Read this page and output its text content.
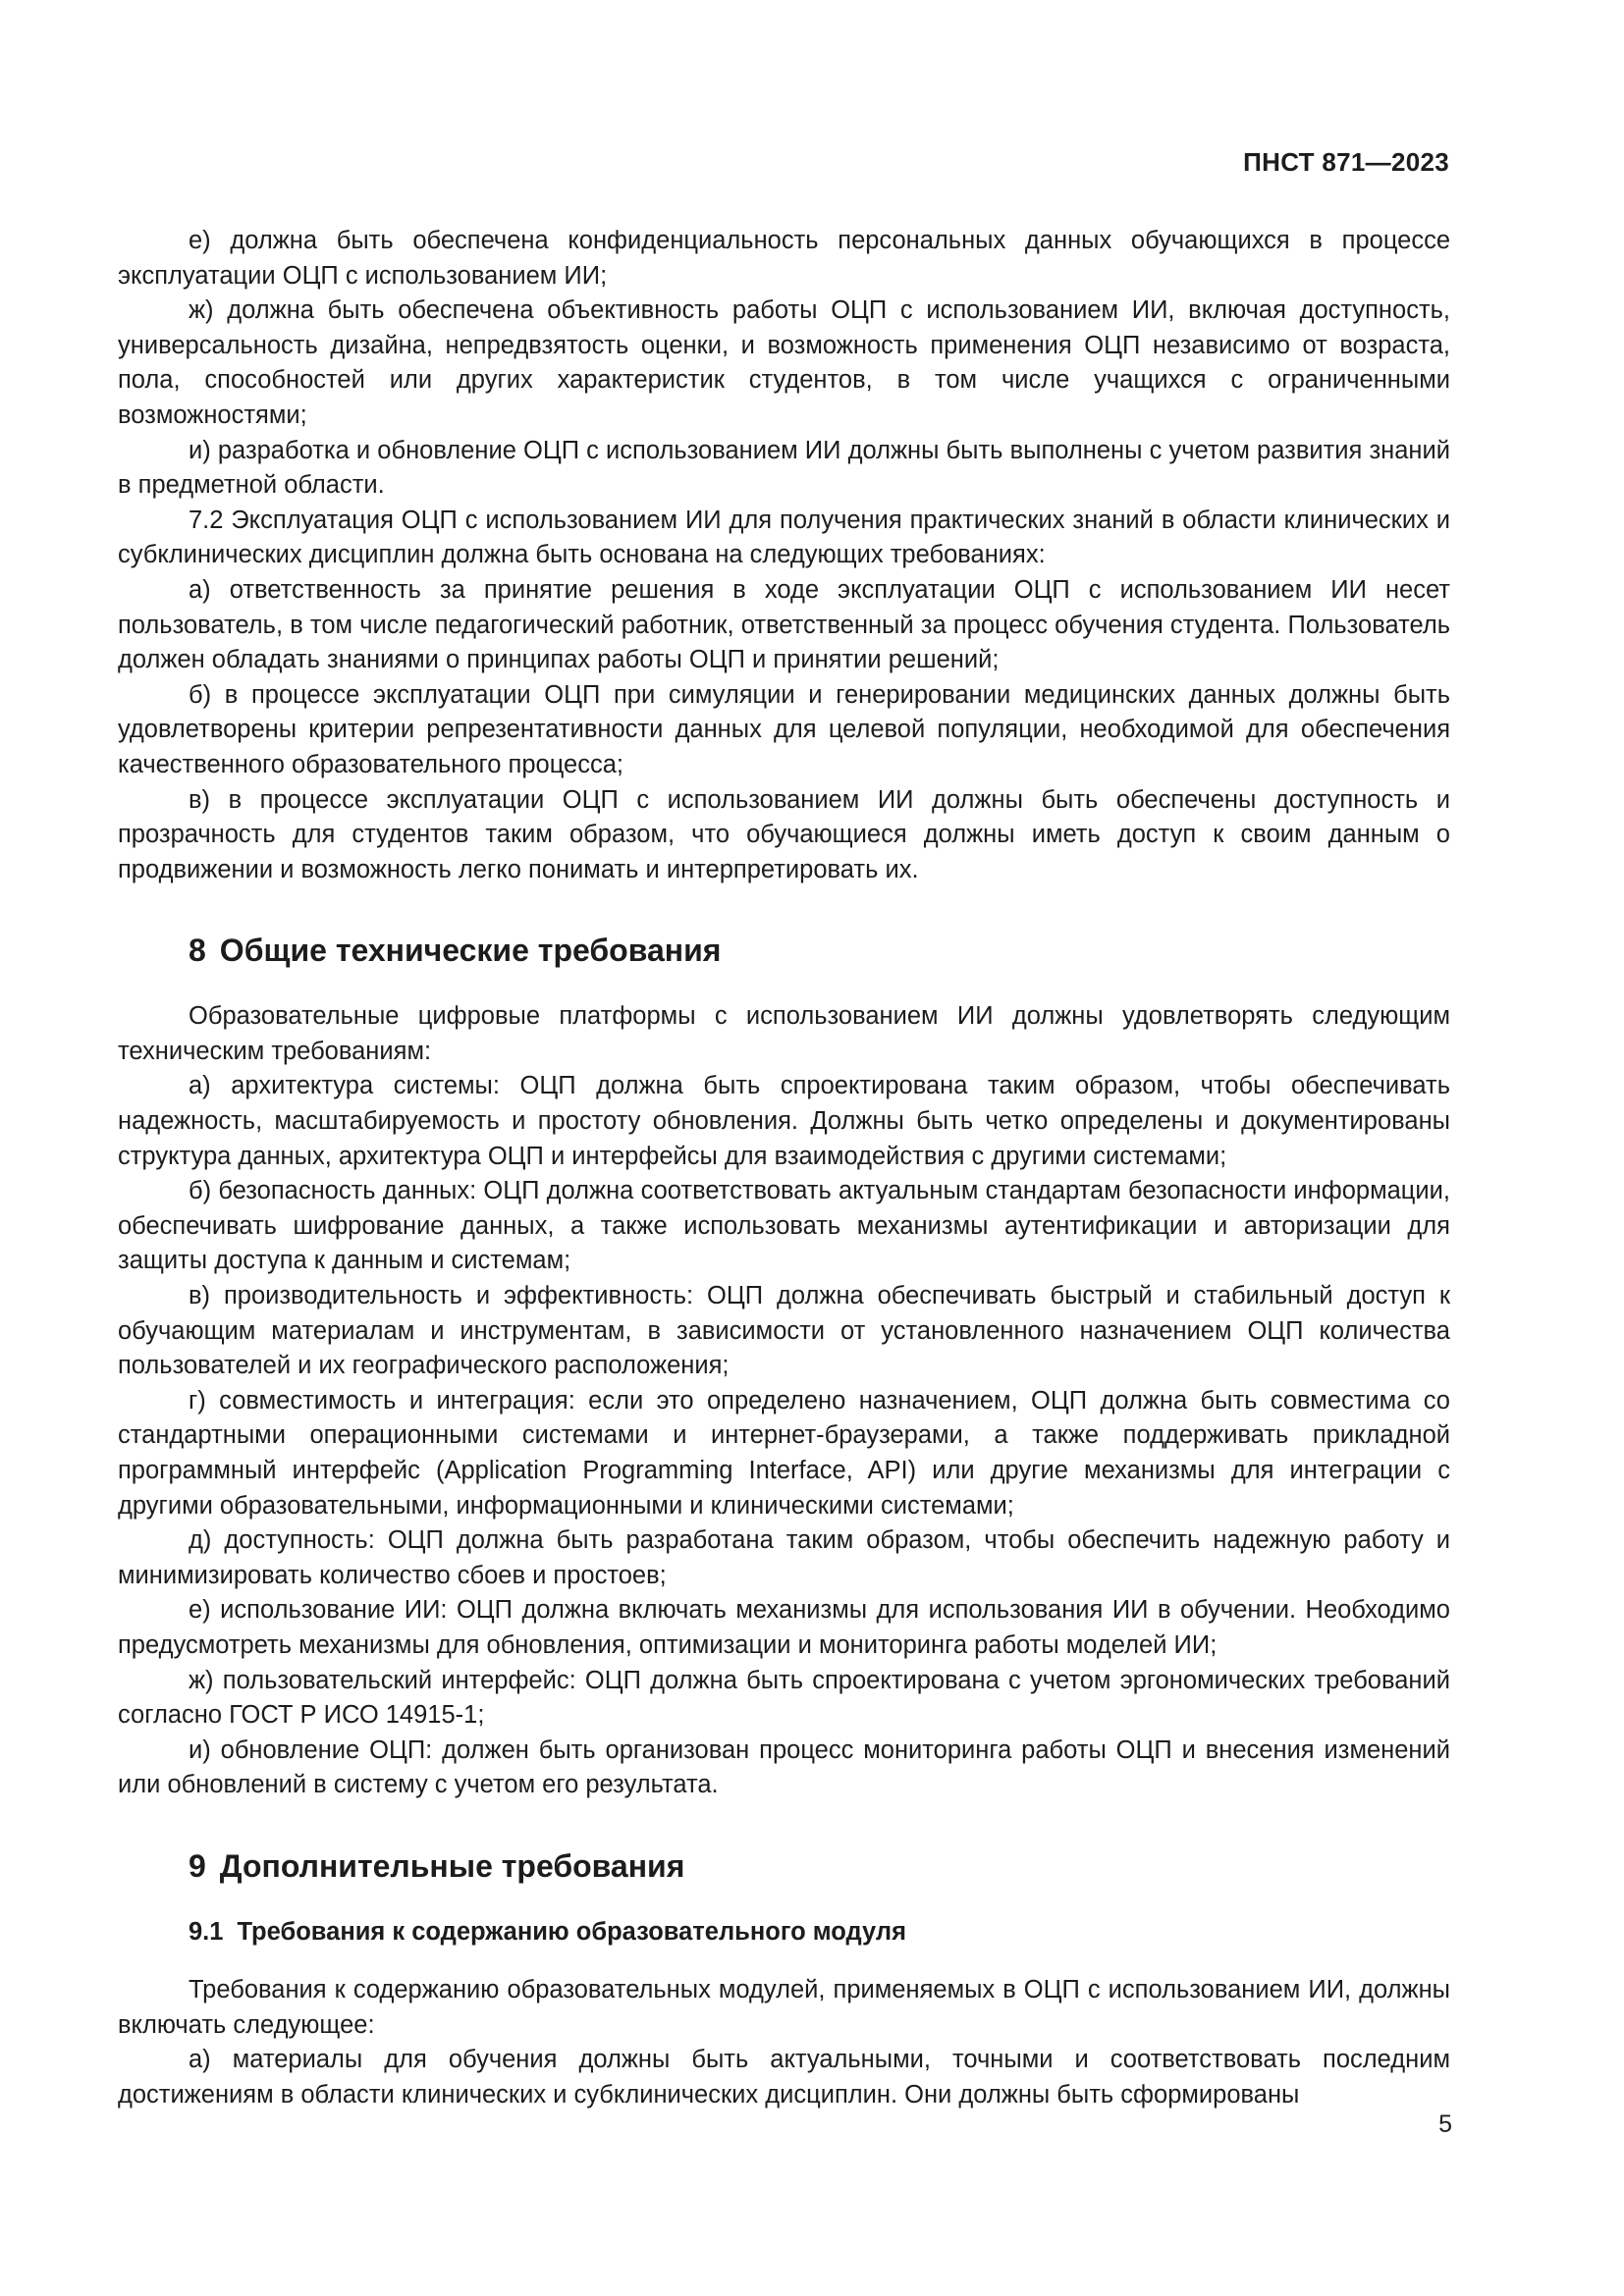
ПНСТ 871—2023

е) должна быть обеспечена конфиденциальность персональных данных обучающихся в процессе эксплуатации ОЦП с использованием ИИ;

ж) должна быть обеспечена объективность работы ОЦП с использованием ИИ, включая доступность, универсальность дизайна, непредвзятость оценки, и возможность применения ОЦП независимо от возраста, пола, способностей или других характеристик студентов, в том числе учащихся с ограниченными возможностями;

и) разработка и обновление ОЦП с использованием ИИ должны быть выполнены с учетом развития знаний в предметной области.

7.2 Эксплуатация ОЦП с использованием ИИ для получения практических знаний в области клинических и субклинических дисциплин должна быть основана на следующих требованиях:

а) ответственность за принятие решения в ходе эксплуатации ОЦП с использованием ИИ несет пользователь, в том числе педагогический работник, ответственный за процесс обучения студента. Пользователь должен обладать знаниями о принципах работы ОЦП и принятии решений;

б) в процессе эксплуатации ОЦП при симуляции и генерировании медицинских данных должны быть удовлетворены критерии репрезентативности данных для целевой популяции, необходимой для обеспечения качественного образовательного процесса;

в) в процессе эксплуатации ОЦП с использованием ИИ должны быть обеспечены доступность и прозрачность для студентов таким образом, что обучающиеся должны иметь доступ к своим данным о продвижении и возможность легко понимать и интерпретировать их.

8 Общие технические требования

Образовательные цифровые платформы с использованием ИИ должны удовлетворять следующим техническим требованиям:

а) архитектура системы: ОЦП должна быть спроектирована таким образом, чтобы обеспечивать надежность, масштабируемость и простоту обновления. Должны быть четко определены и документированы структура данных, архитектура ОЦП и интерфейсы для взаимодействия с другими системами;

б) безопасность данных: ОЦП должна соответствовать актуальным стандартам безопасности информации, обеспечивать шифрование данных, а также использовать механизмы аутентификации и авторизации для защиты доступа к данным и системам;

в) производительность и эффективность: ОЦП должна обеспечивать быстрый и стабильный доступ к обучающим материалам и инструментам, в зависимости от установленного назначением ОЦП количества пользователей и их географического расположения;

г) совместимость и интеграция: если это определено назначением, ОЦП должна быть совместима со стандартными операционными системами и интернет-браузерами, а также поддерживать прикладной программный интерфейс (Application Programming Interface, API) или другие механизмы для интеграции с другими образовательными, информационными и клиническими системами;

д) доступность: ОЦП должна быть разработана таким образом, чтобы обеспечить надежную работу и минимизировать количество сбоев и простоев;

е) использование ИИ: ОЦП должна включать механизмы для использования ИИ в обучении. Необходимо предусмотреть механизмы для обновления, оптимизации и мониторинга работы моделей ИИ;

ж) пользовательский интерфейс: ОЦП должна быть спроектирована с учетом эргономических требований согласно ГОСТ Р ИСО 14915-1;

и) обновление ОЦП: должен быть организован процесс мониторинга работы ОЦП и внесения изменений или обновлений в систему с учетом его результата.

9 Дополнительные требования
9.1 Требования к содержанию образовательного модуля

Требования к содержанию образовательных модулей, применяемых в ОЦП с использованием ИИ, должны включать следующее:

а) материалы для обучения должны быть актуальными, точными и соответствовать последним достижениям в области клинических и субклинических дисциплин. Они должны быть сформированы

5
